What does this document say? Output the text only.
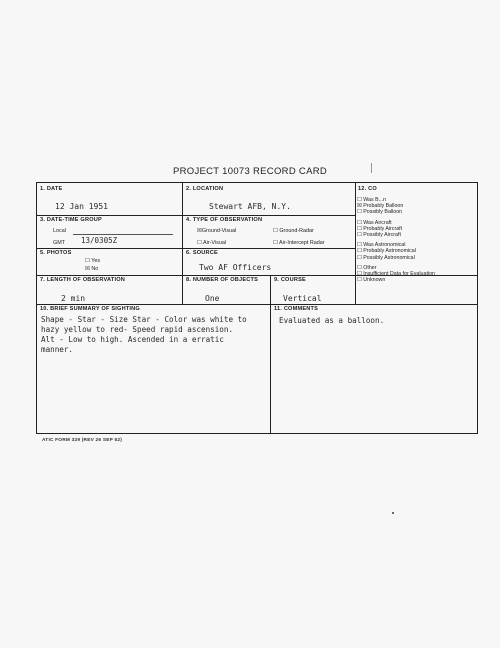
PROJECT 10073 RECORD CARD
1. DATE
12 Jan 1951
2. LOCATION
Stewart AFB, N.Y.
12. CO
3. DATE-TIME GROUP
Local
GMT 13/0305Z
4. TYPE OF OBSERVATION
☒Ground-Visual	☐ Ground-Radar
☐ Air-Visual	☐ Air-Intercept Radar
5. PHOTOS
☐ Yes
☒ No
6. SOURCE
Two AF Officers
7. LENGTH OF OBSERVATION
2 min
8. NUMBER OF OBJECTS
One
9. COURSE
Vertical
10. BRIEF SUMMARY OF SIGHTING
Shape - Star - Size Star - Color was white to
hazy yellow to red- Speed rapid ascension.
Alt - Low to high. Ascended in a erratic
manner.
11. COMMENTS
Evaluated as a balloon.
☐ Was B...n
☒ Probably Balloon
☐ Possibly Balloon
☐ Was Aircraft
☐ Probably Aircraft
☐ Possibly Aircraft
☐ Was Astronomical
☐ Probably Astronomical
☐ Possibly Astronomical
☐ Other
☐ Insufficient Data for Evaluation
☐ Unknown
ATIC FORM 329 (REV 26 SEP 52)
